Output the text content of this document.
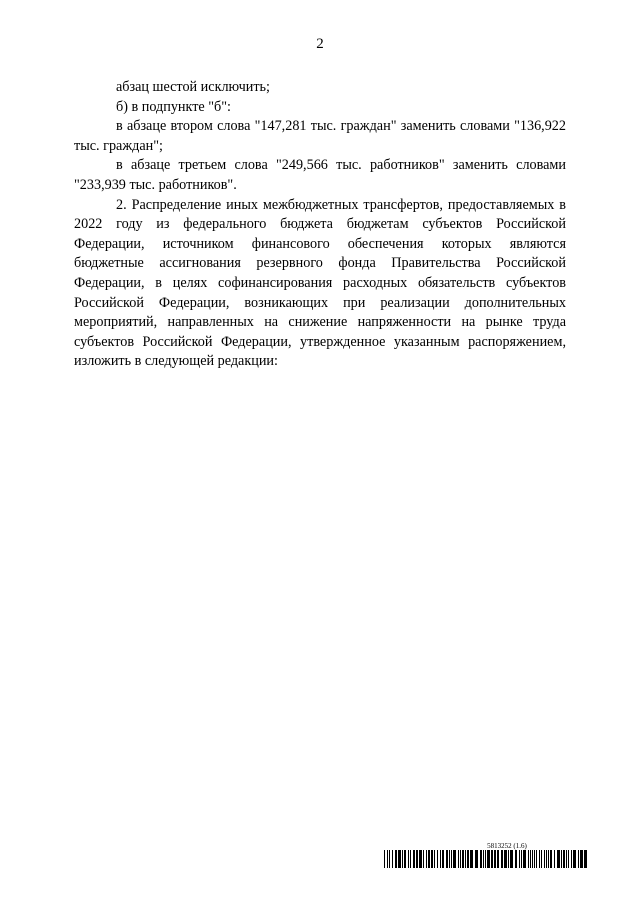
2

абзац шестой исключить;

б) в подпункте "б":

в абзаце втором слова "147,281 тыс. граждан" заменить словами "136,922 тыс. граждан";

в абзаце третьем слова "249,566 тыс. работников" заменить словами "233,939 тыс. работников".

2. Распределение иных межбюджетных трансфертов, предоставляемых в 2022 году из федерального бюджета бюджетам субъектов Российской Федерации, источником финансового обеспечения которых являются бюджетные ассигнования резервного фонда Правительства Российской Федерации, в целях софинансирования расходных обязательств субъектов Российской Федерации, возникающих при реализации дополнительных мероприятий, направленных на снижение напряженности на рынке труда субъектов Российской Федерации, утвержденное указанным распоряжением, изложить в следующей редакции:

5813252 (1.6)
